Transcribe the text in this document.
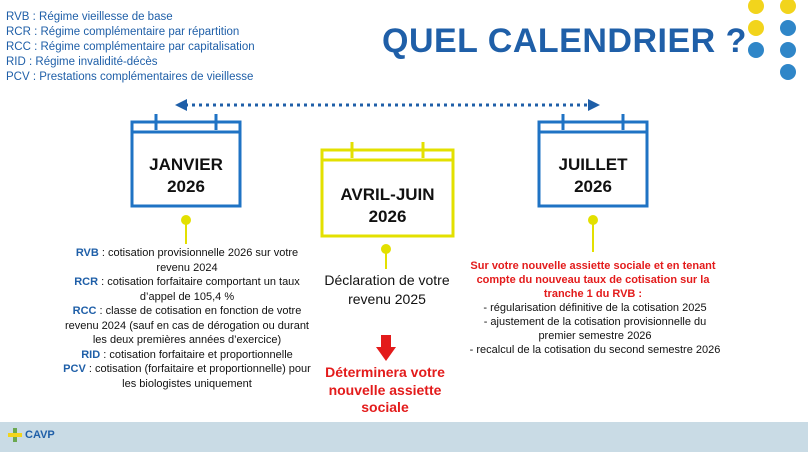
RVB : Régime vieillesse de base
RCR : Régime complémentaire par répartition
RCC : Régime complémentaire par capitalisation
RID : Régime invalidité-décès
PCV : Prestations complémentaires de vieillesse
QUEL CALENDRIER ?
JANVIER
2026	AVRIL-JUIN
2026
JUILLET
2026
RVB : cotisation provisionnelle 2026 sur votre revenu 2024
RCR : cotisation forfaitaire comportant un taux d’appel de 105,4 %
RCC : classe de cotisation en fonction de votre revenu 2024 (sauf en cas de dérogation ou durant les deux premières années d’exercice)
RID : cotisation forfaitaire et proportionnelle
PCV : cotisation (forfaitaire et proportionnelle) pour les biologistes uniquement
Déclaration de votre revenu 2025
Déterminera votre nouvelle assiette sociale
Sur votre nouvelle assiette sociale et en tenant compte du nouveau taux de cotisation sur la tranche 1 du RVB :
- régularisation définitive de la cotisation 2025
- ajustement de la cotisation provisionnelle du premier semestre 2026
- recalcul de la cotisation du second semestre 2026
CAVP
